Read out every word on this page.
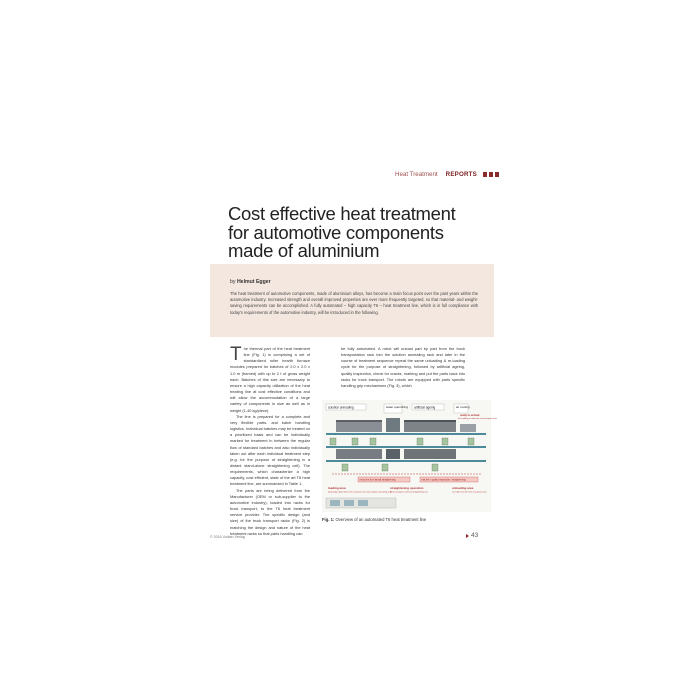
Heat Treatment REPORTS
Cost effective heat treatment
for automotive components
made of aluminium
by Helmut Egger
The heat treatment of automotive components, made of aluminium alloys, has become a main focus point over the past years within the automotive industry. Increased strength and overall improved properties are ever more frequently targeted, so that material- and weight-saving requirements can be accomplished. A fully automated – high capacity T6 – heat treatment line, which is in full compliance with today's requirements of the automotive industry, will be introduced in the following.

The thermal part of the heat treatment line (Fig. 1) is comprising a set of standardized roller hearth furnace modules prepared for batches of 2.0 x 2.0 x 1.0 m (framed) with up to 2 t of gross weight each. Batches of this size are necessary to ensure a high capacity utilization of the heat treating line at cost effective conditions and will allow the accommodation of a large variety of components in size as well as in weight (1-40 kg/piece).

The line is prepared for a complete and very flexible parts- and batch handling logistics. Individual batches may be treated on a prioritized basis and can be individually marked for treatment in between the regular flow of standard batches and also individually taken out after each individual treatment step (e.g. for the purpose of straightening in a distant stand-alone straightening cell). The requirements, which characterize a high capacity, cost efficient, state of the art T6 heat treatment line, are summarized in Table 1.

The parts are being delivered from the Manufacturer (OEM or sub-supplier to the automotive industry), loaded into racks for truck transport, to the T6 heat treatment service provider. The specific design (and size) of the truck transport racks (Fig. 2) is matching the design and nature of the heat treatment racks so that parts handling can

be fully automated. A robot will unload part by part from the truck transportation rack into the solution annealing rack and later in the course of treatment sequence repeat the same unloading & re-loading cycle for the purpose of straightening, followed by artificial ageing, quality inspection, check for cracks, marking and put the parts back into racks for truck transport. The robots are equipped with parts specific handling grip mechanisms (Fig. 3), which

solution annealing	water quenching artificial ageing	air cooling
entry line for manual straightening	exit line / quality inspection / straightening
ready to unload
for handling via robot into truck transport racks
loading area
loading by robots from truck transport racks into solution annealing racks
straightening operation
(if necessary) in external straightening cell
unloading area
via robots into the truck transport racks
Fig. 1: Overview of an automated T6 heat treatment line
© 2016 Vulkan-Verlag	43
